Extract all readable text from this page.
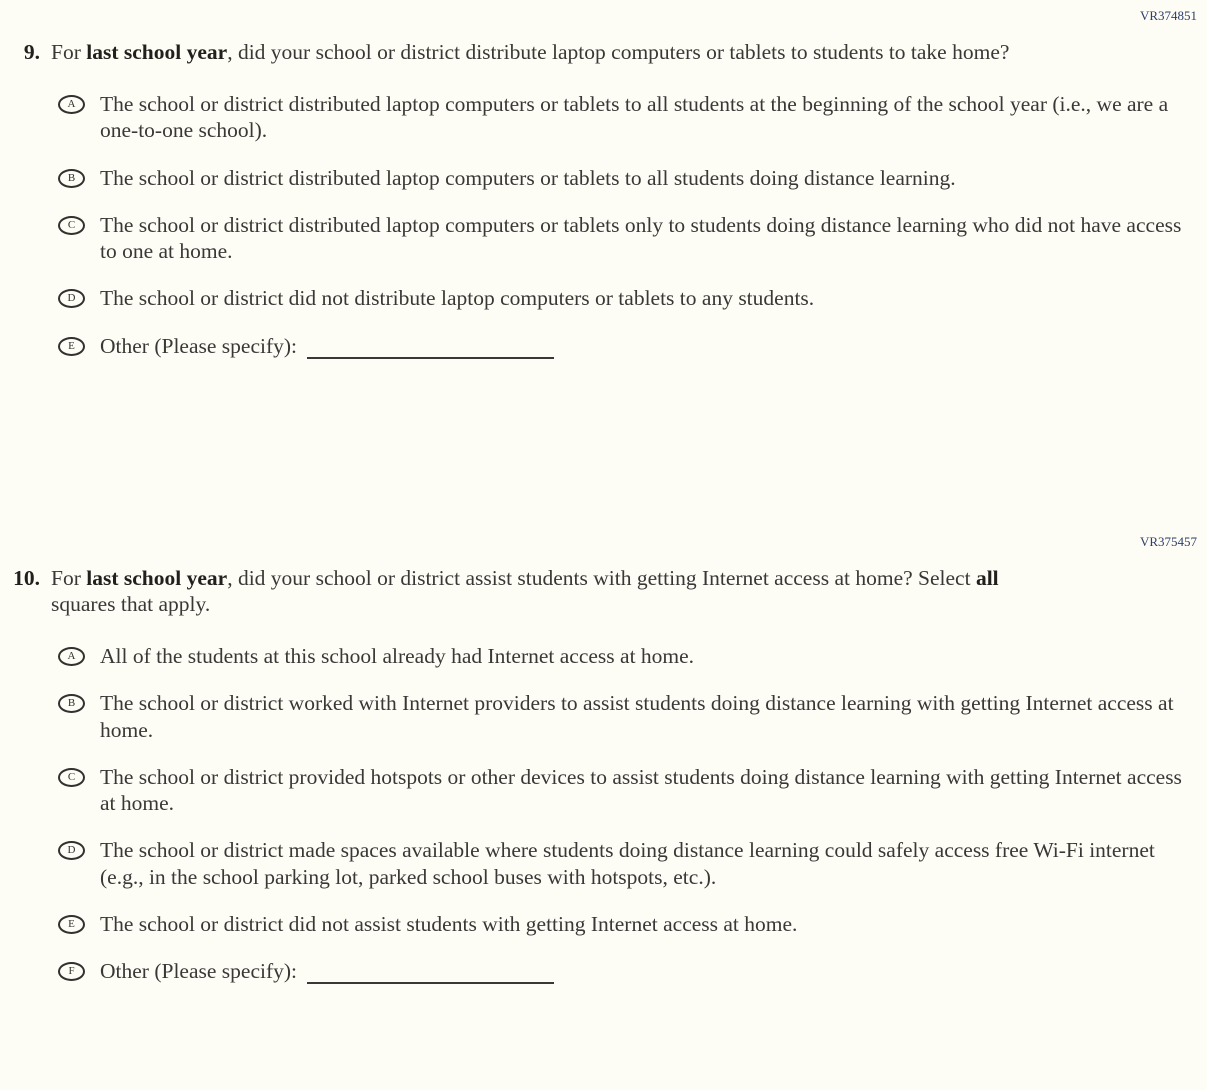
VR374851
9. For last school year, did your school or district distribute laptop computers or tablets to students to take home?
A	The school or district distributed laptop computers or tablets to all students at the beginning of the school year (i.e., we are a one-to-one school).
B	The school or district distributed laptop computers or tablets to all students doing distance learning.
C	The school or district distributed laptop computers or tablets only to students doing distance learning who did not have access to one at home.
D	The school or district did not distribute laptop computers or tablets to any students.
E	Other (Please specify):
VR375457
10. For last school year, did your school or district assist students with getting Internet access at home? Select all squares that apply.
A	All of the students at this school already had Internet access at home.
B	The school or district worked with Internet providers to assist students doing distance learning with getting Internet access at home.
C	The school or district provided hotspots or other devices to assist students doing distance learning with getting Internet access at home.
D	The school or district made spaces available where students doing distance learning could safely access free Wi-Fi internet (e.g., in the school parking lot, parked school buses with hotspots, etc.).
E	The school or district did not assist students with getting Internet access at home.
F	Other (Please specify):
